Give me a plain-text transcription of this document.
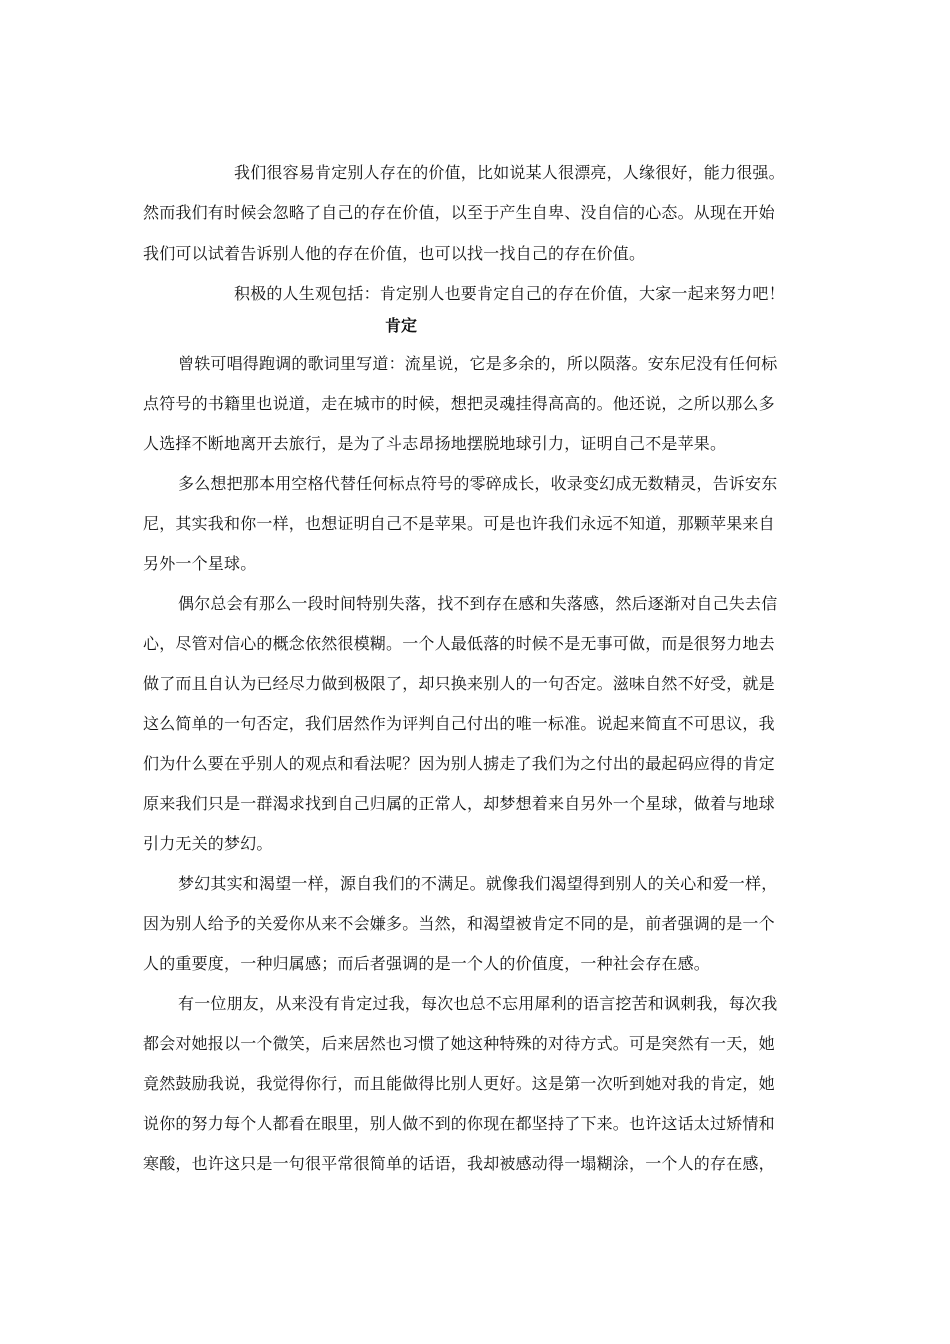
我们很容易肯定别人存在的价值，比如说某人很漂亮，人缘很好，能力很强。
然而我们有时候会忽略了自己的存在价值，以至于产生自卑、没自信的心态。从现在开始
我们可以试着告诉别人他的存在价值，也可以找一找自己的存在价值。
积极的人生观包括：肯定别人也要肯定自己的存在价值，大家一起来努力吧！
肯定
曾轶可唱得跑调的歌词里写道：流星说，它是多余的，所以陨落。安东尼没有任何标
点符号的书籍里也说道，走在城市的时候，想把灵魂挂得高高的。他还说，之所以那么多
人选择不断地离开去旅行，是为了斗志昂扬地摆脱地球引力，证明自己不是苹果。
多么想把那本用空格代替任何标点符号的零碎成长，收录变幻成无数精灵，告诉安东
尼，其实我和你一样，也想证明自己不是苹果。可是也许我们永远不知道，那颗苹果来自
另外一个星球。
偶尔总会有那么一段时间特别失落，找不到存在感和失落感，然后逐渐对自己失去信
心，尽管对信心的概念依然很模糊。一个人最低落的时候不是无事可做，而是很努力地去
做了而且自认为已经尽力做到极限了，却只换来别人的一句否定。滋味自然不好受，就是
这么简单的一句否定，我们居然作为评判自己付出的唯一标准。说起来简直不可思议，我
们为什么要在乎别人的观点和看法呢？因为别人掳走了我们为之付出的最起码应得的肯定
原来我们只是一群渴求找到自己归属的正常人，却梦想着来自另外一个星球，做着与地球
引力无关的梦幻。
梦幻其实和渴望一样，源自我们的不满足。就像我们渴望得到别人的关心和爱一样，
因为别人给予的关爱你从来不会嫌多。当然，和渴望被肯定不同的是，前者强调的是一个
人的重要度，一种归属感；而后者强调的是一个人的价值度，一种社会存在感。
有一位朋友，从来没有肯定过我，每次也总不忘用犀利的语言挖苦和讽刺我，每次我
都会对她报以一个微笑，后来居然也习惯了她这种特殊的对待方式。可是突然有一天，她
竟然鼓励我说，我觉得你行，而且能做得比别人更好。这是第一次听到她对我的肯定，她
说你的努力每个人都看在眼里，别人做不到的你现在都坚持了下来。也许这话太过矫情和
寒酸，也许这只是一句很平常很简单的话语，我却被感动得一塌糊涂，一个人的存在感，
